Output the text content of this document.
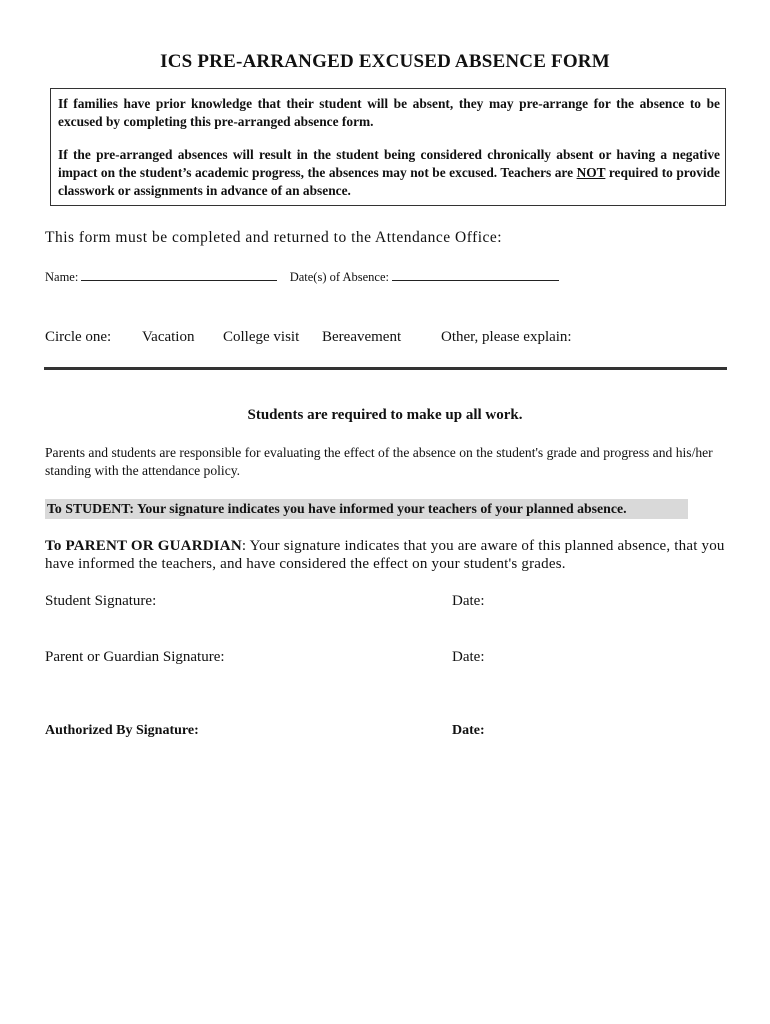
ICS PRE-ARRANGED EXCUSED ABSENCE FORM

If families have prior knowledge that their student will be absent, they may pre-arrange for the absence to be excused by completing this pre-arranged absence form.

If the pre-arranged absences will result in the student being considered chronically absent or having a negative impact on the student’s academic progress, the absences may not be excused. Teachers are NOT required to provide classwork or assignments in advance of an absence.

This form must be completed and returned to the Attendance Office:
Name:	Date(s) of Absence:
Circle one: Vacation College visit Bereavement	Other, please explain:
Students are required to make up all work.
Parents and students are responsible for evaluating the effect of the absence on the student's grade and progress and his/her standing with the attendance policy.
To STUDENT: Your signature indicates you have informed your teachers of your planned absence.
To PARENT OR GUARDIAN: Your signature indicates that you are aware of this planned absence, that you have informed the teachers, and have considered the effect on your student's grades.
Student Signature:	Date:
Parent or Guardian Signature:	Date:
Authorized By Signature:	Date:
